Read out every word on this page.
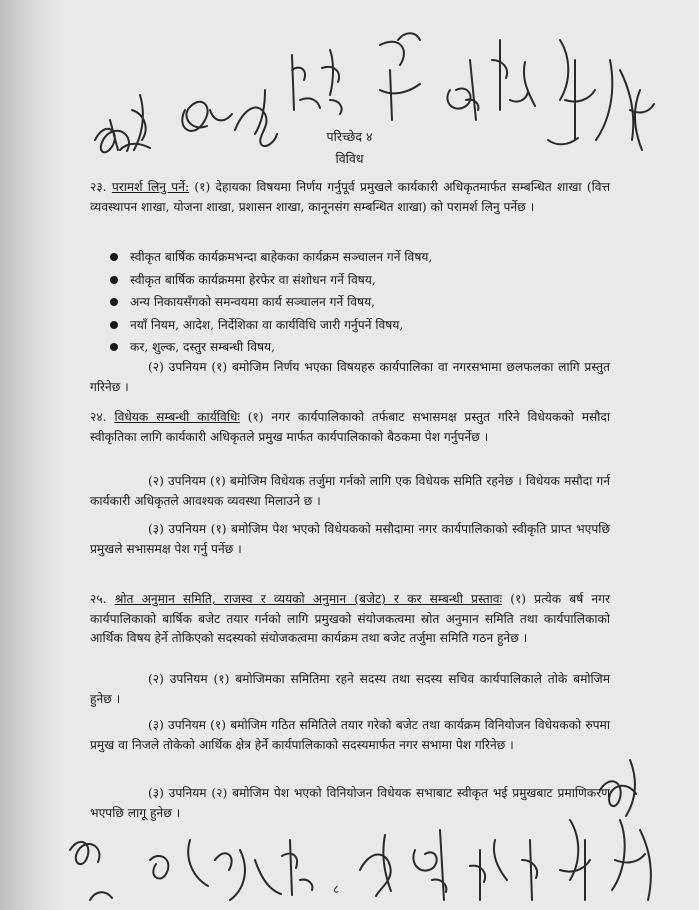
परिच्छेद ४
विविध
२३. परामर्श लिनु पर्ने: (१) देहायका विषयमा निर्णय गर्नुपूर्व प्रमुखले कार्यकारी अधिकृतमार्फत सम्बन्धित शाखा (वित्त व्यवस्थापन शाखा, योजना शाखा, प्रशासन शाखा, कानूनसंग सम्बन्धित शाखा) को परामर्श लिनु पर्नेछ ।
स्वीकृत बार्षिक कार्यक्रमभन्दा बाहेकका कार्यक्रम सञ्चालन गर्ने विषय,
स्वीकृत बार्षिक कार्यक्रममा हेरफेर वा संशोधन गर्ने विषय,
अन्य निकायसँगको समन्वयमा कार्य सञ्चालन गर्ने विषय,
नयाँ नियम, आदेश, निर्देशिका वा कार्यविधि जारी गर्नुपर्ने विषय,
कर, शुल्क, दस्तुर सम्बन्धी विषय,
(२) उपनियम (१) बमोजिम निर्णय भएका विषयहरु कार्यपालिका वा नगरसभामा छलफलका लागि प्रस्तुत गरिनेछ ।
२४. विधेयक सम्बन्धी कार्यविधिः (१) नगर कार्यपालिकाको तर्फबाट सभासमक्ष प्रस्तुत गरिने विधेयकको मसौदा स्वीकृतिका लागि कार्यकारी अधिकृतले प्रमुख मार्फत कार्यपालिकाको बैठकमा पेश गर्नुपर्नेछ ।
(२) उपनियम (१) बमोजिम विधेयक तर्जुमा गर्नको लागि एक विधेयक समिति रहनेछ । विधेयक मसौदा गर्न कार्यकारी अधिकृतले आवश्यक व्यवस्था मिलाउने छ ।
(३) उपनियम (१) बमोजिम पेश भएको विधेयकको मसौदामा नगर कार्यपालिकाको स्वीकृति प्राप्त भएपछि प्रमुखले सभासमक्ष पेश गर्नु पर्नेछ ।
२५. श्रोत अनुमान समिति, राजस्व र व्ययको अनुमान (बजेट) र कर सम्बन्धी प्रस्तावः (१) प्रत्येक बर्ष नगर कार्यपालिकाको बार्षिक बजेट तयार गर्नको लागि प्रमुखको संयोजकत्वमा स्रोत अनुमान समिति तथा कार्यपालिकाको आर्थिक विषय हेर्ने तोकिएको सदस्यको संयोजकत्वमा कार्यक्रम तथा बजेट तर्जुमा समिति गठन हुनेछ ।
(२) उपनियम (१) बमोजिमका समितिमा रहने सदस्य तथा सदस्य सचिव कार्यपालिकाले तोके बमोजिम हुनेछ ।
(३) उपनियम (१) बमोजिम गठित समितिले तयार गरेको बजेट तथा कार्यक्रम विनियोजन विधेयकको रुपमा प्रमुख वा निजले तोकेको आर्थिक क्षेत्र हेर्ने कार्यपालिकाको सदस्यमार्फत नगर सभामा पेश गरिनेछ ।
(३) उपनियम (२) बमोजिम पेश भएको विनियोजन विधेयक सभाबाट स्वीकृत भई प्रमुखबाट प्रमाणिकरण भएपछि लागू हुनेछ ।
८
